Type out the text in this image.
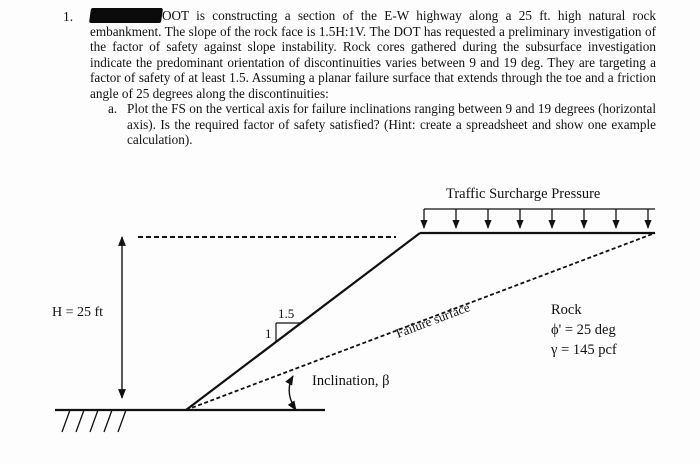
1.	OOT is constructing a section of the E-W highway along a 25 ft. high natural rock embankment. The slope of the rock face is 1.5H:1V. The DOT has requested a preliminary investigation of the factor of safety against slope instability. Rock cores gathered during the subsurface investigation indicate the predominant orientation of discontinuities varies between 9 and 19 deg. They are targeting a factor of safety of at least 1.5. Assuming a planar failure surface that extends through the toe and a friction angle of 25 degrees along the discontinuities:
a. Plot the FS on the vertical axis for failure inclinations ranging between 9 and 19 degrees (horizontal axis). Is the required factor of safety satisfied? (Hint: create a spreadsheet and show one example calculation).
H = 25 ft
Traffic Surcharge Pressure
Failure surface
1.5
1
Inclination, β
Rock
ϕ' = 25 deg
γ = 145 pcf
